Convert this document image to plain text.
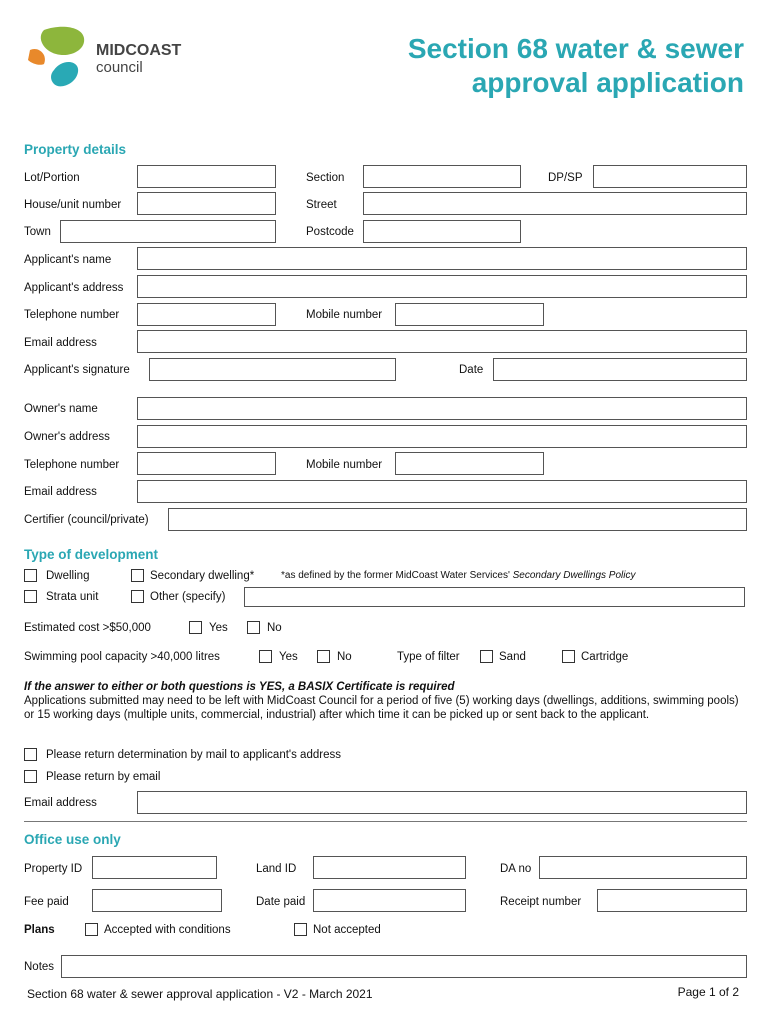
MIDCOAST
council
Section 68 water & sewer
approval application
Property details
Lot/Portion	Section	DP/SP
House/unit number	Street
Town	Postcode
Applicant's name
Applicant's address
Telephone number	Mobile number
Email address
Applicant's signature	Date
Owner's name
Owner's address
Telephone number	Mobile number
Email address
Certifier (council/private)
Type of development
Dwelling	Secondary dwelling*	*as defined by the former MidCoast Water Services' Secondary Dwellings Policy
Strata unit	Other (specify)
Estimated cost >$50,000	Yes	No
Swimming pool capacity >40,000 litres	Yes	No	Type of filter	Sand	Cartridge
If the answer to either or both questions is YES, a BASIX Certificate is required
Applications submitted may need to be left with MidCoast Council for a period of five (5) working days (dwellings, additions, swimming pools) or 15 working days (multiple units, commercial, industrial) after which time it can be picked up or sent back to the applicant.
Please return determination by mail to applicant's address
Please return by email
Email address
Office use only
Property ID	Land ID	DA no
Fee paid	Date paid	Receipt number
Plans	Accepted with conditions	Not accepted
Notes
Section 68 water & sewer approval application - V2 - March 2021	Page 1 of 2
